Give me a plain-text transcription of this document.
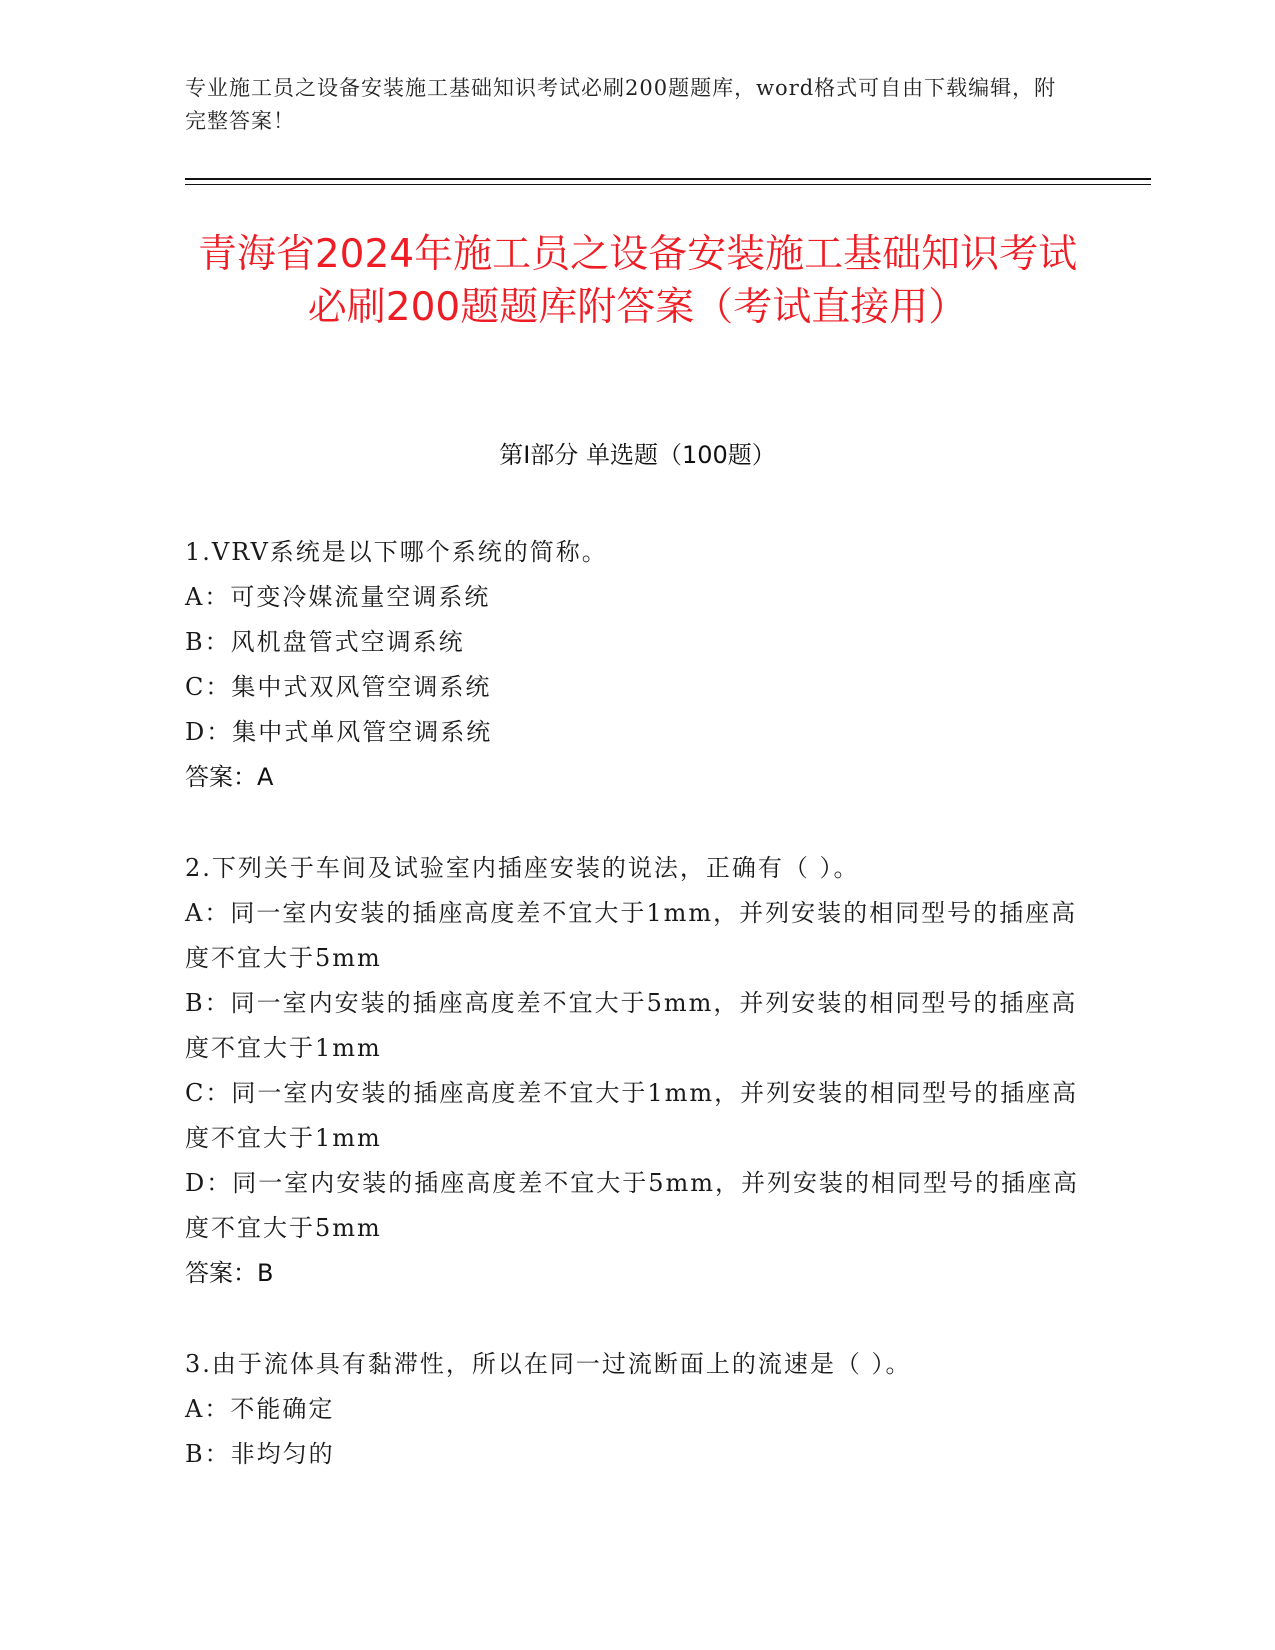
专业施工员之设备安装施工基础知识考试必刷200题题库，word格式可自由下载编辑，附完整答案！
青海省2024年施工员之设备安装施工基础知识考试必刷200题题库附答案（考试直接用）
第Ⅰ部分 单选题（100题）

1.VRV系统是以下哪个系统的简称。

A：可变冷媒流量空调系统

B：风机盘管式空调系统

C：集中式双风管空调系统

D：集中式单风管空调系统

答案：A

2.下列关于车间及试验室内插座安装的说法，正确有（ ）。

A：同一室内安装的插座高度差不宜大于1mm，并列安装的相同型号的插座高度不宜大于5mm

B：同一室内安装的插座高度差不宜大于5mm，并列安装的相同型号的插座高度不宜大于1mm

C：同一室内安装的插座高度差不宜大于1mm，并列安装的相同型号的插座高度不宜大于1mm

D：同一室内安装的插座高度差不宜大于5mm，并列安装的相同型号的插座高度不宜大于5mm

答案：B

3.由于流体具有黏滞性，所以在同一过流断面上的流速是（ ）。

A：不能确定

B：非均匀的
